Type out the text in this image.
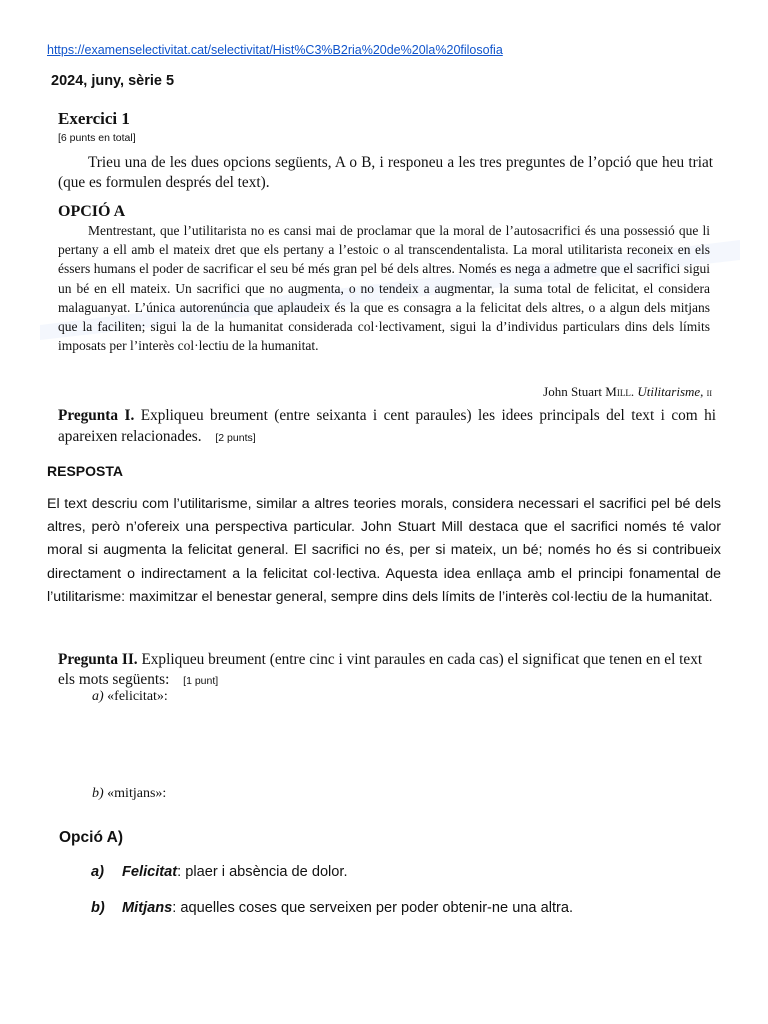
https://examenselectivitat.cat/selectivitat/Hist%C3%B2ria%20de%20la%20filosofia
2024, juny, sèrie 5
Exercici 1
[6 punts en total]
Trieu una de les dues opcions següents, A o B, i responeu a les tres preguntes de l’opció que heu triat (que es formulen després del text).
OPCIÓ A
Mentrestant, que l’utilitarista no es cansi mai de proclamar que la moral de l’autosacrifici és una possessió que li pertany a ell amb el mateix dret que els pertany a l’estoic o al transcendentalista. La moral utilitarista reconeix en els éssers humans el poder de sacrificar el seu bé més gran pel bé dels altres. Només es nega a admetre que el sacrifici sigui un bé en ell mateix. Un sacrifici que no augmenta, o no tendeix a augmentar, la suma total de felicitat, el considera malaguanyat. L’única autorenúncia que aplaudeix és la que es consagra a la felicitat dels altres, o a algun dels mitjans que la faciliten; sigui la de la humanitat considerada col·lectivament, sigui la d’individus particulars dins dels límits imposats per l’interès col·lectiu de la humanitat.
John Stuart Mill. Utilitarisme, ii
Pregunta I. Expliqueu breument (entre seixanta i cent paraules) les idees principals del text i com hi apareixen relacionades. [2 punts]
RESPOSTA
El text descriu com l’utilitarisme, similar a altres teories morals, considera necessari el sacrifici pel bé dels altres, però n’ofereix una perspectiva particular. John Stuart Mill destaca que el sacrifici només té valor moral si augmenta la felicitat general. El sacrifici no és, per si mateix, un bé; només ho és si contribueix directament o indirectament a la felicitat col·lectiva. Aquesta idea enllaça amb el principi fonamental de l’utilitarisme: maximitzar el benestar general, sempre dins dels límits de l’interès col·lectiu de la humanitat.
Pregunta II. Expliqueu breument (entre cinc i vint paraules en cada cas) el significat que tenen en el text els mots següents: [1 punt]
a) «felicitat»:
b) «mitjans»:
Opció A)
a) Felicitat: plaer i absència de dolor.
b) Mitjans: aquelles coses que serveixen per poder obtenir-ne una altra.
